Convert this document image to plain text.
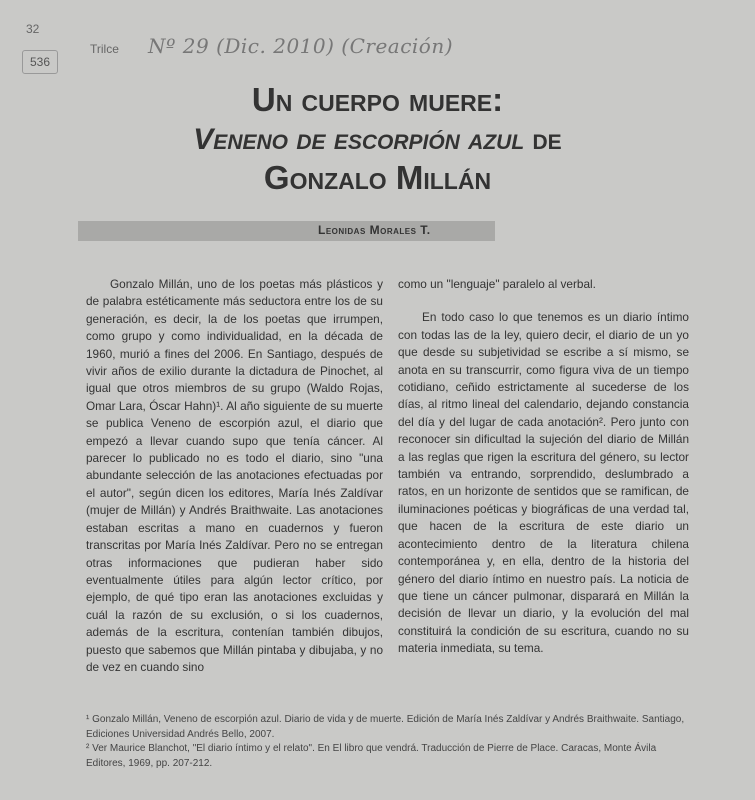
32
536
Trilce Nº 29 (Dic. 2010) (Creación)
Un cuerpo muere:
Veneno de escorpión azul de
Gonzalo Millán
Leonidas Morales T.

Gonzalo Millán, uno de los poetas más plásticos y de palabra estéticamente más seductora entre los de su generación, es decir, la de los poetas que irrumpen, como grupo y como individualidad, en la década de 1960, murió a fines del 2006. En Santiago, después de vivir años de exilio durante la dictadura de Pinochet, al igual que otros miembros de su grupo (Waldo Rojas, Omar Lara, Óscar Hahn)¹. Al año siguiente de su muerte se publica Veneno de escorpión azul, el diario que empezó a llevar cuando supo que tenía cáncer. Al parecer lo publicado no es todo el diario, sino "una abundante selección de las anotaciones efectuadas por el autor", según dicen los editores, María Inés Zaldívar (mujer de Millán) y Andrés Braithwaite. Las anotaciones estaban escritas a mano en cuadernos y fueron transcritas por María Inés Zaldívar. Pero no se entregan otras informaciones que pudieran haber sido eventualmente útiles para algún lector crítico, por ejemplo, de qué tipo eran las anotaciones excluidas y cuál la razón de su exclusión, o si los cuadernos, además de la escritura, contenían también dibujos, puesto que sabemos que Millán pintaba y dibujaba, y no de vez en cuando sino

como un "lenguaje" paralelo al verbal.

En todo caso lo que tenemos es un diario íntimo con todas las de la ley, quiero decir, el diario de un yo que desde su subjetividad se escribe a sí mismo, se anota en su transcurrir, como figura viva de un tiempo cotidiano, ceñido estrictamente al sucederse de los días, al ritmo lineal del calendario, dejando constancia del día y del lugar de cada anotación². Pero junto con reconocer sin dificultad la sujeción del diario de Millán a las reglas que rigen la escritura del género, su lector también va entrando, sorprendido, deslumbrado a ratos, en un horizonte de sentidos que se ramifican, de iluminaciones poéticas y biográficas de una verdad tal, que hacen de la escritura de este diario un acontecimiento dentro de la literatura chilena contemporánea y, en ella, dentro de la historia del género del diario íntimo en nuestro país. La noticia de que tiene un cáncer pulmonar, disparará en Millán la decisión de llevar un diario, y la evolución del mal constituirá la condición de su escritura, cuando no su materia inmediata, su tema.

¹ Gonzalo Millán, Veneno de escorpión azul. Diario de vida y de muerte. Edición de María Inés Zaldívar y Andrés Braithwaite. Santiago, Ediciones Universidad Andrés Bello, 2007.

² Ver Maurice Blanchot, "El diario íntimo y el relato". En El libro que vendrá. Traducción de Pierre de Place. Caracas, Monte Ávila Editores, 1969, pp. 207-212.
